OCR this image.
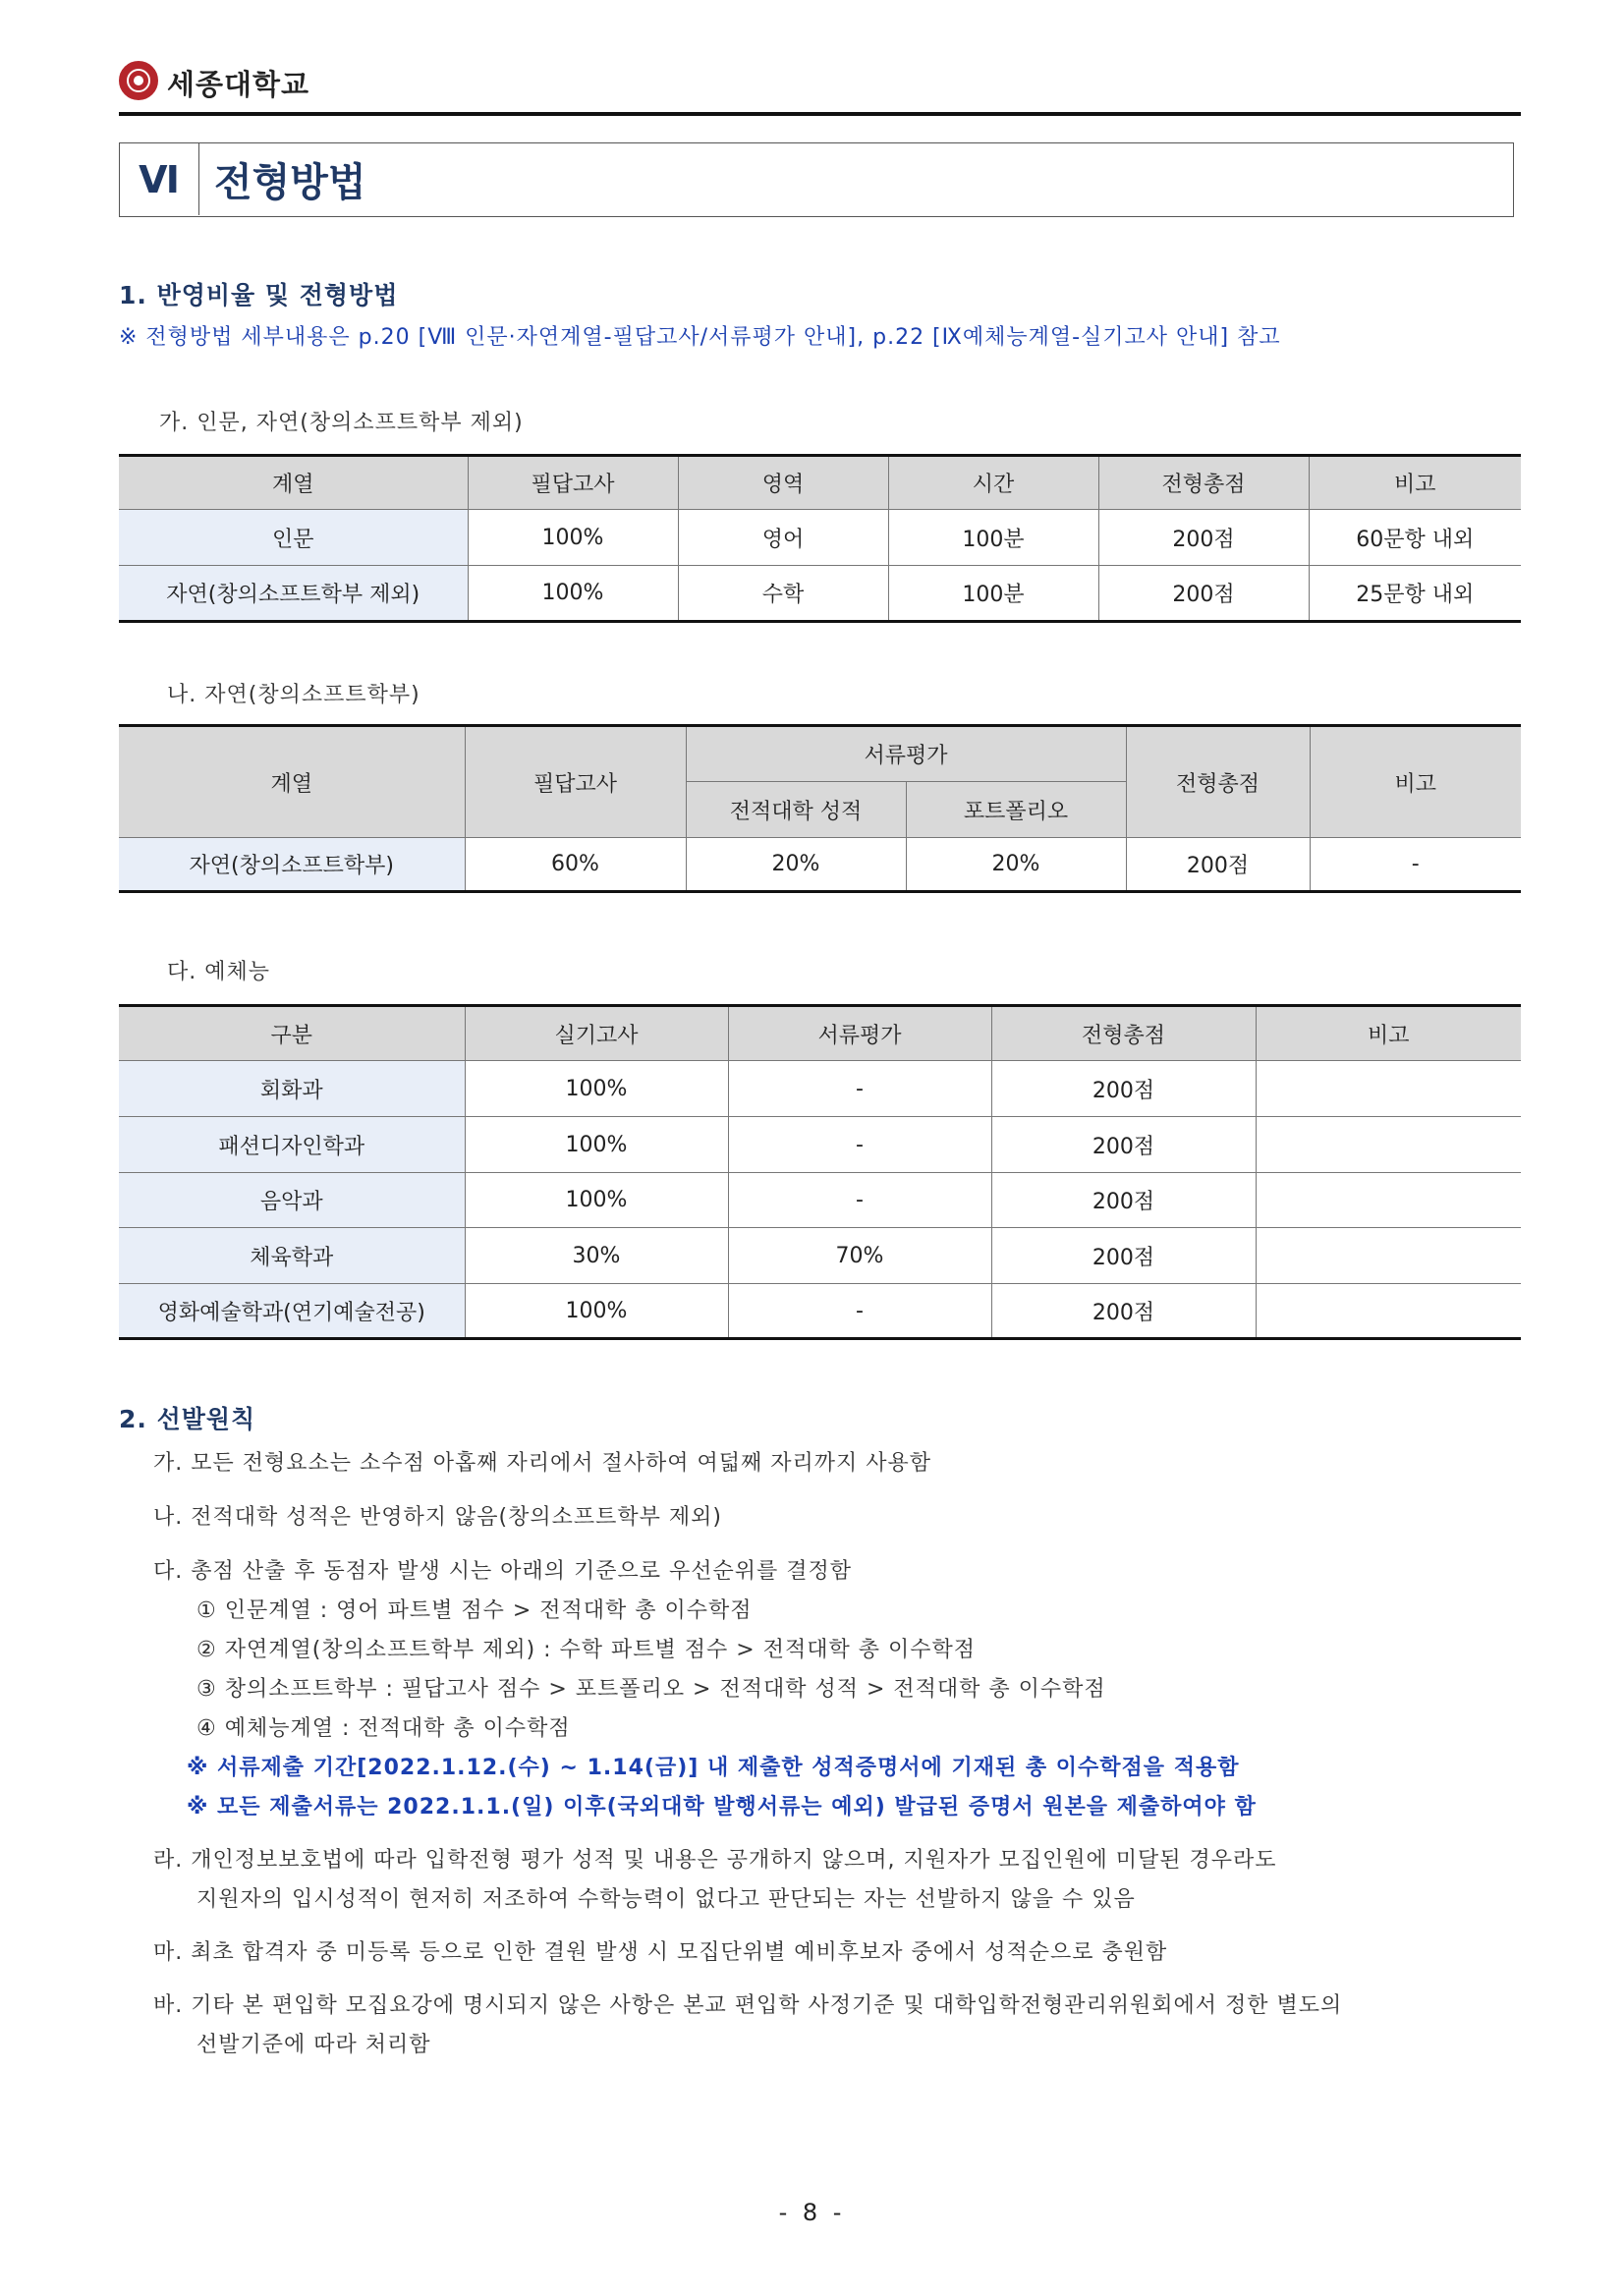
세종대학교
Ⅵ 전형방법
1. 반영비율 및 전형방법
※ 전형방법 세부내용은 p.20 [Ⅷ 인문·자연계열-필답고사/서류평가 안내], p.22 [Ⅸ예체능계열-실기고사 안내] 참고
가. 인문, 자연(창의소프트학부 제외)
계열	필답고사	영역	시간	전형총점	비고
인문	100%	영어	100분	200점	60문항 내외
자연(창의소프트학부 제외)	100%	수학	100분	200점	25문항 내외
나. 자연(창의소프트학부)
계열	필답고사	서류평가		전형총점	비고
		전적대학 성적	포트폴리오		
자연(창의소프트학부)	60%	20%	20%	200점	-
다. 예체능
구분	실기고사	서류평가	전형총점	비고
회화과	100%	-	200점	
패션디자인학과	100%	-	200점	
음악과	100%	-	200점	
체육학과	30%	70%	200점	
영화예술학과(연기예술전공)	100%	-	200점	
2. 선발원칙
가. 모든 전형요소는 소수점 아홉째 자리에서 절사하여 여덟째 자리까지 사용함
나. 전적대학 성적은 반영하지 않음(창의소프트학부 제외)
다. 총점 산출 후 동점자 발생 시는 아래의 기준으로 우선순위를 결정함
① 인문계열 : 영어 파트별 점수 > 전적대학 총 이수학점
② 자연계열(창의소프트학부 제외) : 수학 파트별 점수 > 전적대학 총 이수학점
③ 창의소프트학부 : 필답고사 점수 > 포트폴리오 > 전적대학 성적 > 전적대학 총 이수학점
④ 예체능계열 : 전적대학 총 이수학점
※ 서류제출 기간[2022.1.12.(수) ~ 1.14(금)] 내 제출한 성적증명서에 기재된 총 이수학점을 적용함
※ 모든 제출서류는 2022.1.1.(일) 이후(국외대학 발행서류는 예외) 발급된 증명서 원본을 제출하여야 함
라. 개인정보보호법에 따라 입학전형 평가 성적 및 내용은 공개하지 않으며, 지원자가 모집인원에 미달된 경우라도
지원자의 입시성적이 현저히 저조하여 수학능력이 없다고 판단되는 자는 선발하지 않을 수 있음
마. 최초 합격자 중 미등록 등으로 인한 결원 발생 시 모집단위별 예비후보자 중에서 성적순으로 충원함
바. 기타 본 편입학 모집요강에 명시되지 않은 사항은 본교 편입학 사정기준 및 대학입학전형관리위원회에서 정한 별도의
선발기준에 따라 처리함
- 8 -
